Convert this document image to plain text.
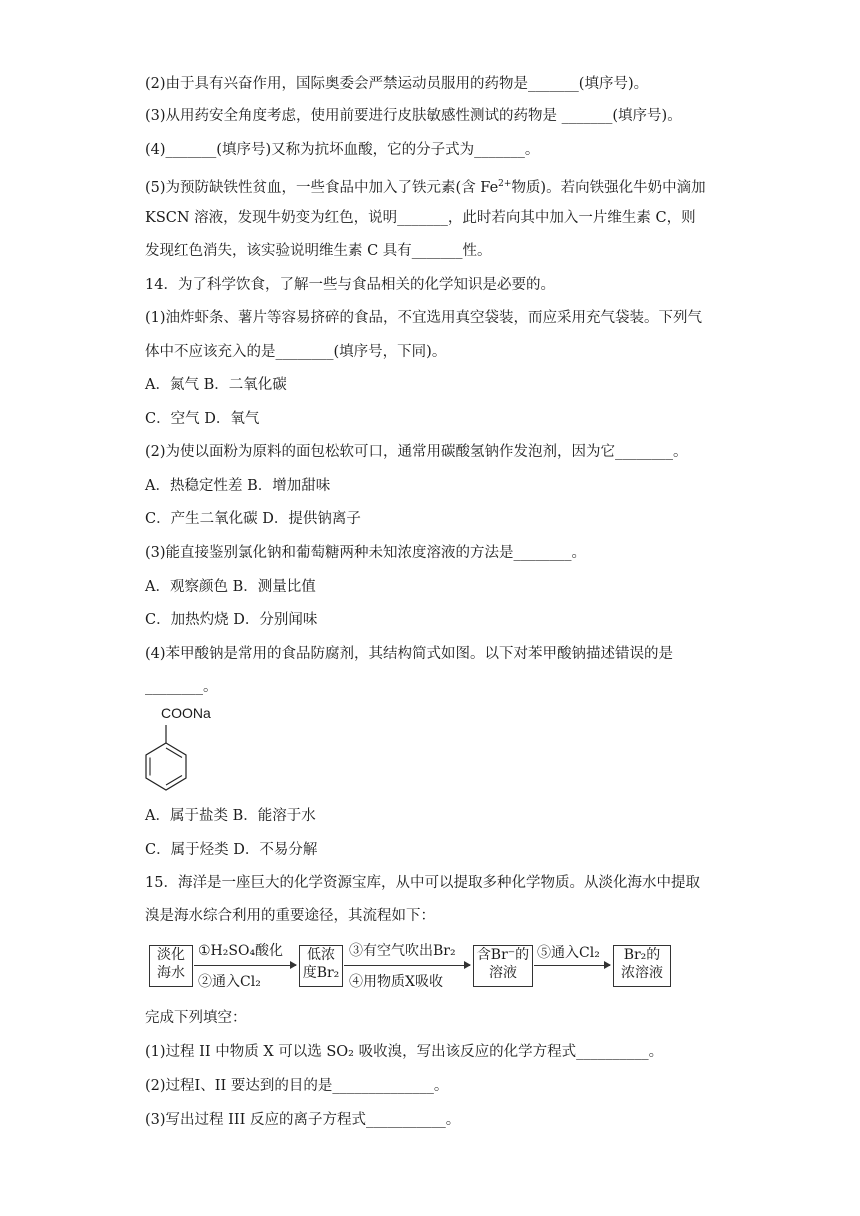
(2)由于具有兴奋作用，国际奥委会严禁运动员服用的药物是_______(填序号)。
(3)从用药安全角度考虑，使用前要进行皮肤敏感性测试的药物是 _______(填序号)。
(4)_______(填序号)又称为抗坏血酸，它的分子式为_______。
(5)为预防缺铁性贫血，一些食品中加入了铁元素(含 $Fe^{2+}$物质)。若向铁强化牛奶中滴加
KSCN 溶液，发现牛奶变为红色，说明_______，此时若向其中加入一片维生素 C，则
发现红色消失，该实验说明维生素 C 具有_______性。
14．为了科学饮食，了解一些与食品相关的化学知识是必要的。
(1)油炸虾条、薯片等容易挤碎的食品，不宜选用真空袋装，而应采用充气袋装。下列气
体中不应该充入的是________(填序号，下同)。
A．氮气 B．二氧化碳
C．空气 D．氧气
(2)为使以面粉为原料的面包松软可口，通常用碳酸氢钠作发泡剂，因为它________。
A．热稳定性差 B．增加甜味
C．产生二氧化碳 D．提供钠离子
(3)能直接鉴别氯化钠和葡萄糖两种未知浓度溶液的方法是________。
A．观察颜色 B．测量比值
C．加热灼烧 D．分别闻味
(4)苯甲酸钠是常用的食品防腐剂，其结构简式如图。以下对苯甲酸钠描述错误的是
________。
COONa
A．属于盐类 B．能溶于水
C．属于烃类 D．不易分解
15．海洋是一座巨大的化学资源宝库，从中可以提取多种化学物质。从淡化海水中提取
溴是海水综合利用的重要途径，其流程如下：
淡化
海水
①H₂SO₄酸化
②通入Cl₂
低浓
度Br₂
③有空气吹出Br₂
④用物质X吸收
含Br⁻的
溶液
⑤通入Cl₂	Br₂的
浓溶液
完成下列填空：
(1)过程 II 中物质 X 可以选 SO₂ 吸收溴，写出该反应的化学方程式__________。
(2)过程Ⅰ、II 要达到的目的是______________。
(3)写出过程 III 反应的离子方程式___________。
